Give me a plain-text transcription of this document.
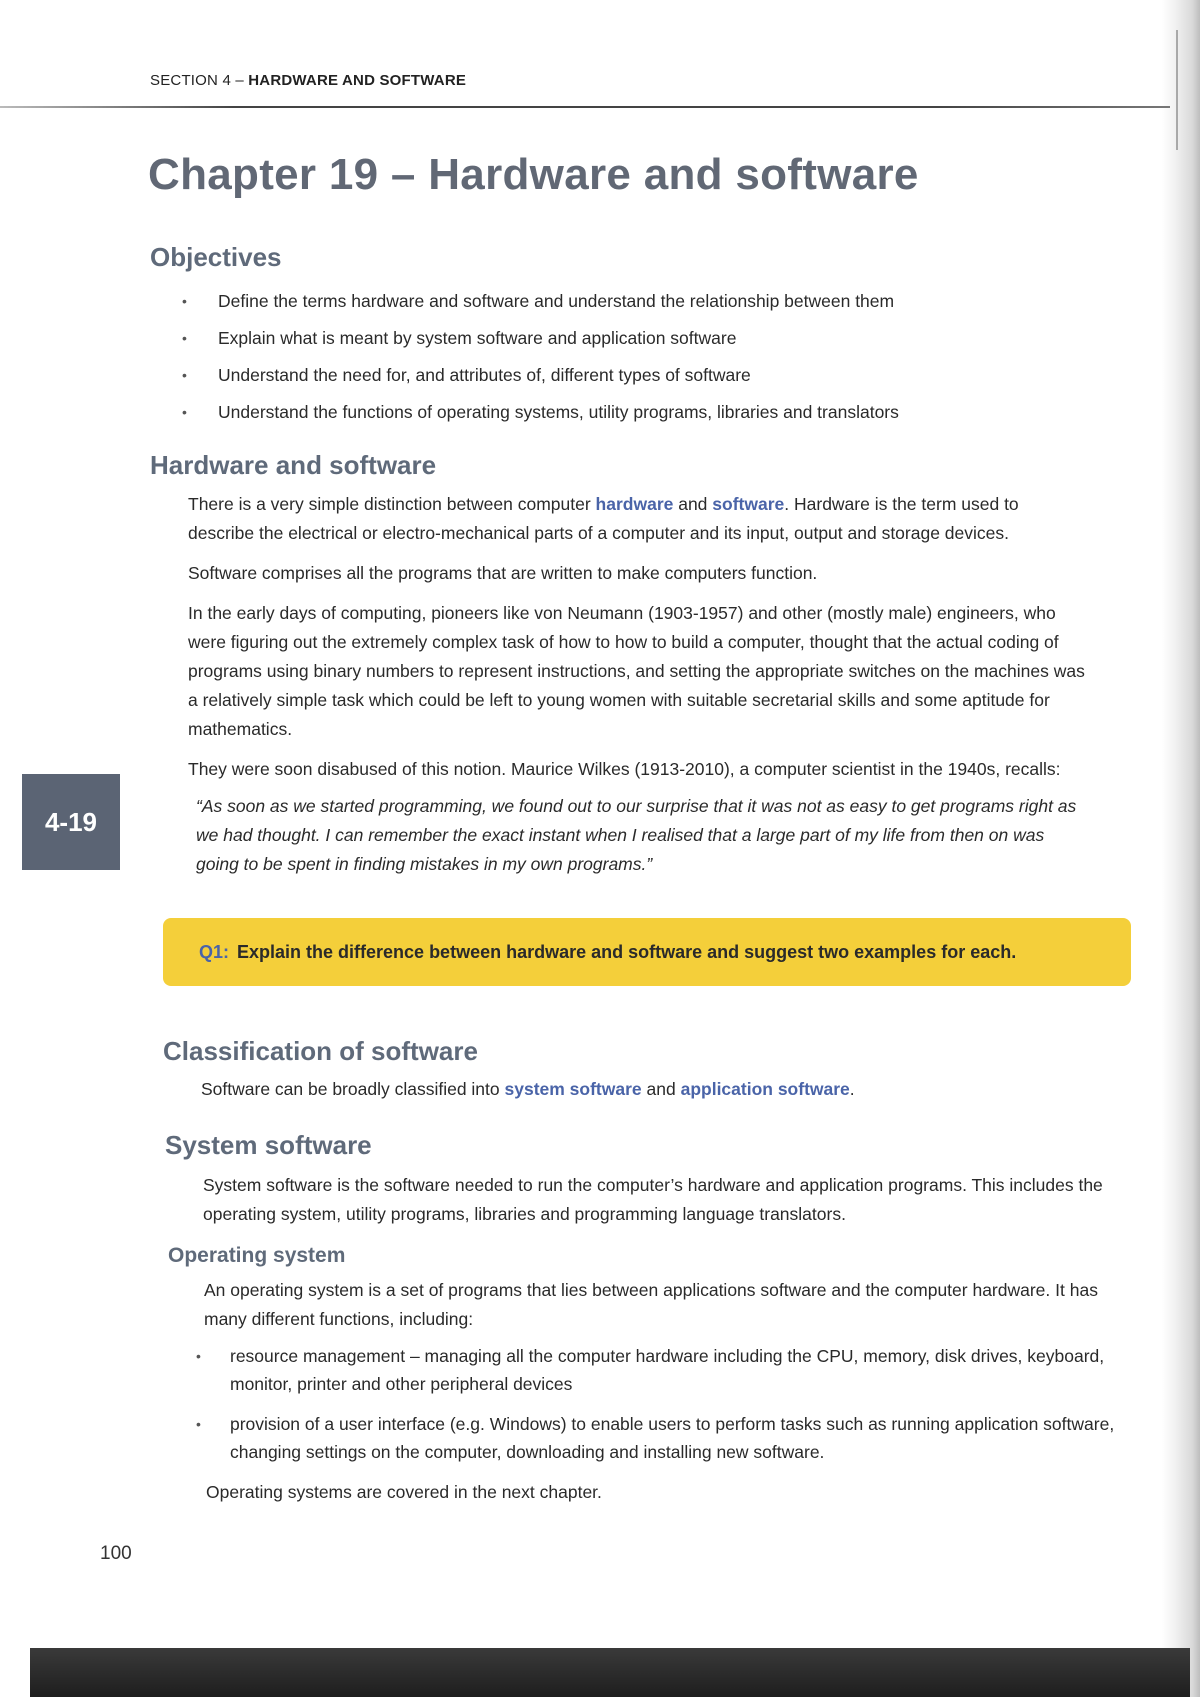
SECTION 4 – HARDWARE AND SOFTWARE
Chapter 19 – Hardware and software
Objectives
• Define the terms hardware and software and understand the relationship between them
• Explain what is meant by system software and application software
• Understand the need for, and attributes of, different types of software
• Understand the functions of operating systems, utility programs, libraries and translators
Hardware and software

There is a very simple distinction between computer hardware and software. Hardware is the term used to describe the electrical or electro-mechanical parts of a computer and its input, output and storage devices.

Software comprises all the programs that are written to make computers function.

In the early days of computing, pioneers like von Neumann (1903-1957) and other (mostly male) engineers, who were figuring out the extremely complex task of how to how to build a computer, thought that the actual coding of programs using binary numbers to represent instructions, and setting the appropriate switches on the machines was a relatively simple task which could be left to young women with suitable secretarial skills and some aptitude for mathematics.

They were soon disabused of this notion. Maurice Wilkes (1913-2010), a computer scientist in the 1940s, recalls:

“As soon as we started programming, we found out to our surprise that it was not as easy to get programs right as we had thought. I can remember the exact instant when I realised that a large part of my life from then on was going to be spent in finding mistakes in my own programs.”

4-19
Q1: Explain the difference between hardware and software and suggest two examples for each.
Classification of software

Software can be broadly classified into system software and application software.

System software

System software is the software needed to run the computer’s hardware and application programs. This includes the operating system, utility programs, libraries and programming language translators.

Operating system

An operating system is a set of programs that lies between applications software and the computer hardware. It has many different functions, including:

• resource management – managing all the computer hardware including the CPU, memory, disk drives, keyboard, monitor, printer and other peripheral devices
• provision of a user interface (e.g. Windows) to enable users to perform tasks such as running application software, changing settings on the computer, downloading and installing new software.

Operating systems are covered in the next chapter.

100
